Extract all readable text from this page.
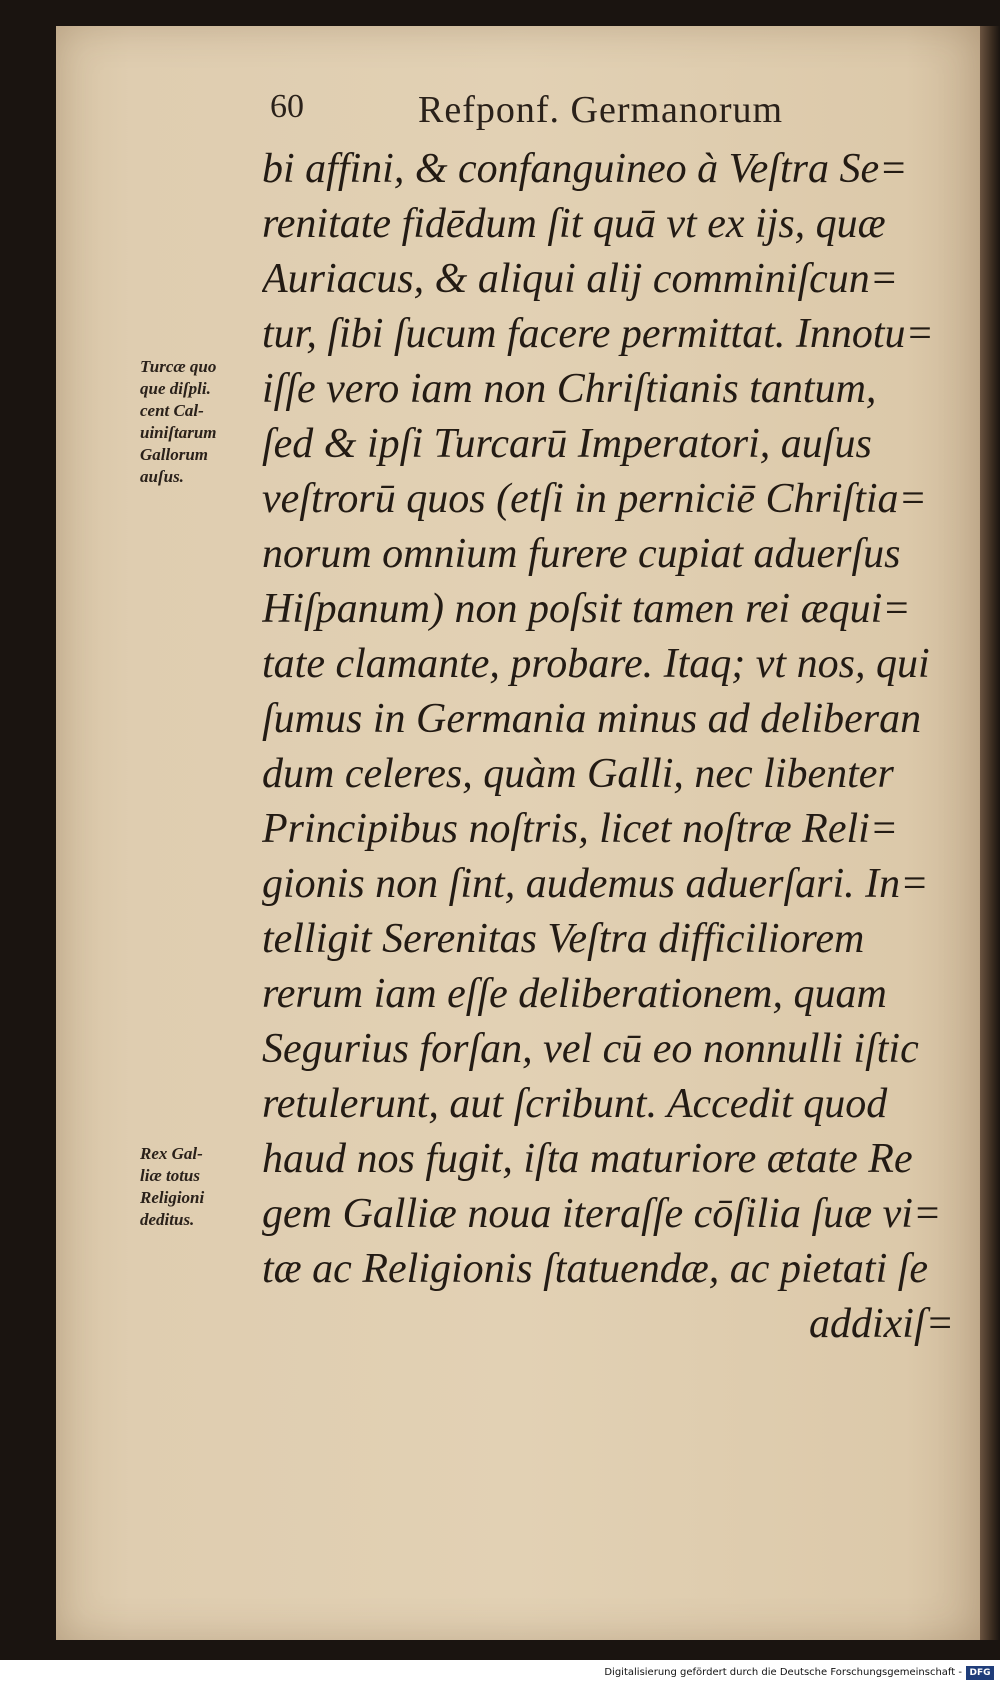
60	Refponf. Germanorum
bi affini, & confanguineo à Veſtra Se=
renitate fidēdum ſit quā vt ex ijs, quæ
Auriacus, & aliqui alij comminiſcun=
tur, ſibi ſucum facere permittat. Innotu=
iſſe vero iam non Chriſtianis tantum,
ſed & ipſi Turcarū Imperatori, auſus
veſtrorū quos (etſi in perniciē Chriſtia=
norum omnium furere cupiat aduerſus
Hiſpanum) non poſsit tamen rei æqui=
tate clamante, probare. Itaq; vt nos, qui
ſumus in Germania minus ad deliberan
dum celeres, quàm Galli, nec libenter
Principibus noſtris, licet noſtræ Reli=
gionis non ſint, audemus aduerſari. In=
telligit Serenitas Veſtra difficiliorem
rerum iam eſſe deliberationem, quam
Segurius forſan, vel cū eo nonnulli iſtic
retulerunt, aut ſcribunt. Accedit quod
haud nos fugit, iſta maturiore ætate Re
gem Galliæ noua iteraſſe cōſilia ſuæ vi=
tæ ac Religionis ſtatuendæ, ac pietati ſe
addixiſ=
Turcæ quo
que diſpli.
cent Cal-
uiniſtarum
Gallorum
auſus.
Rex Gal-
liæ totus
Religioni
deditus.
Digitalisierung gefördert durch die Deutsche Forschungsgemeinschaft - DFG
